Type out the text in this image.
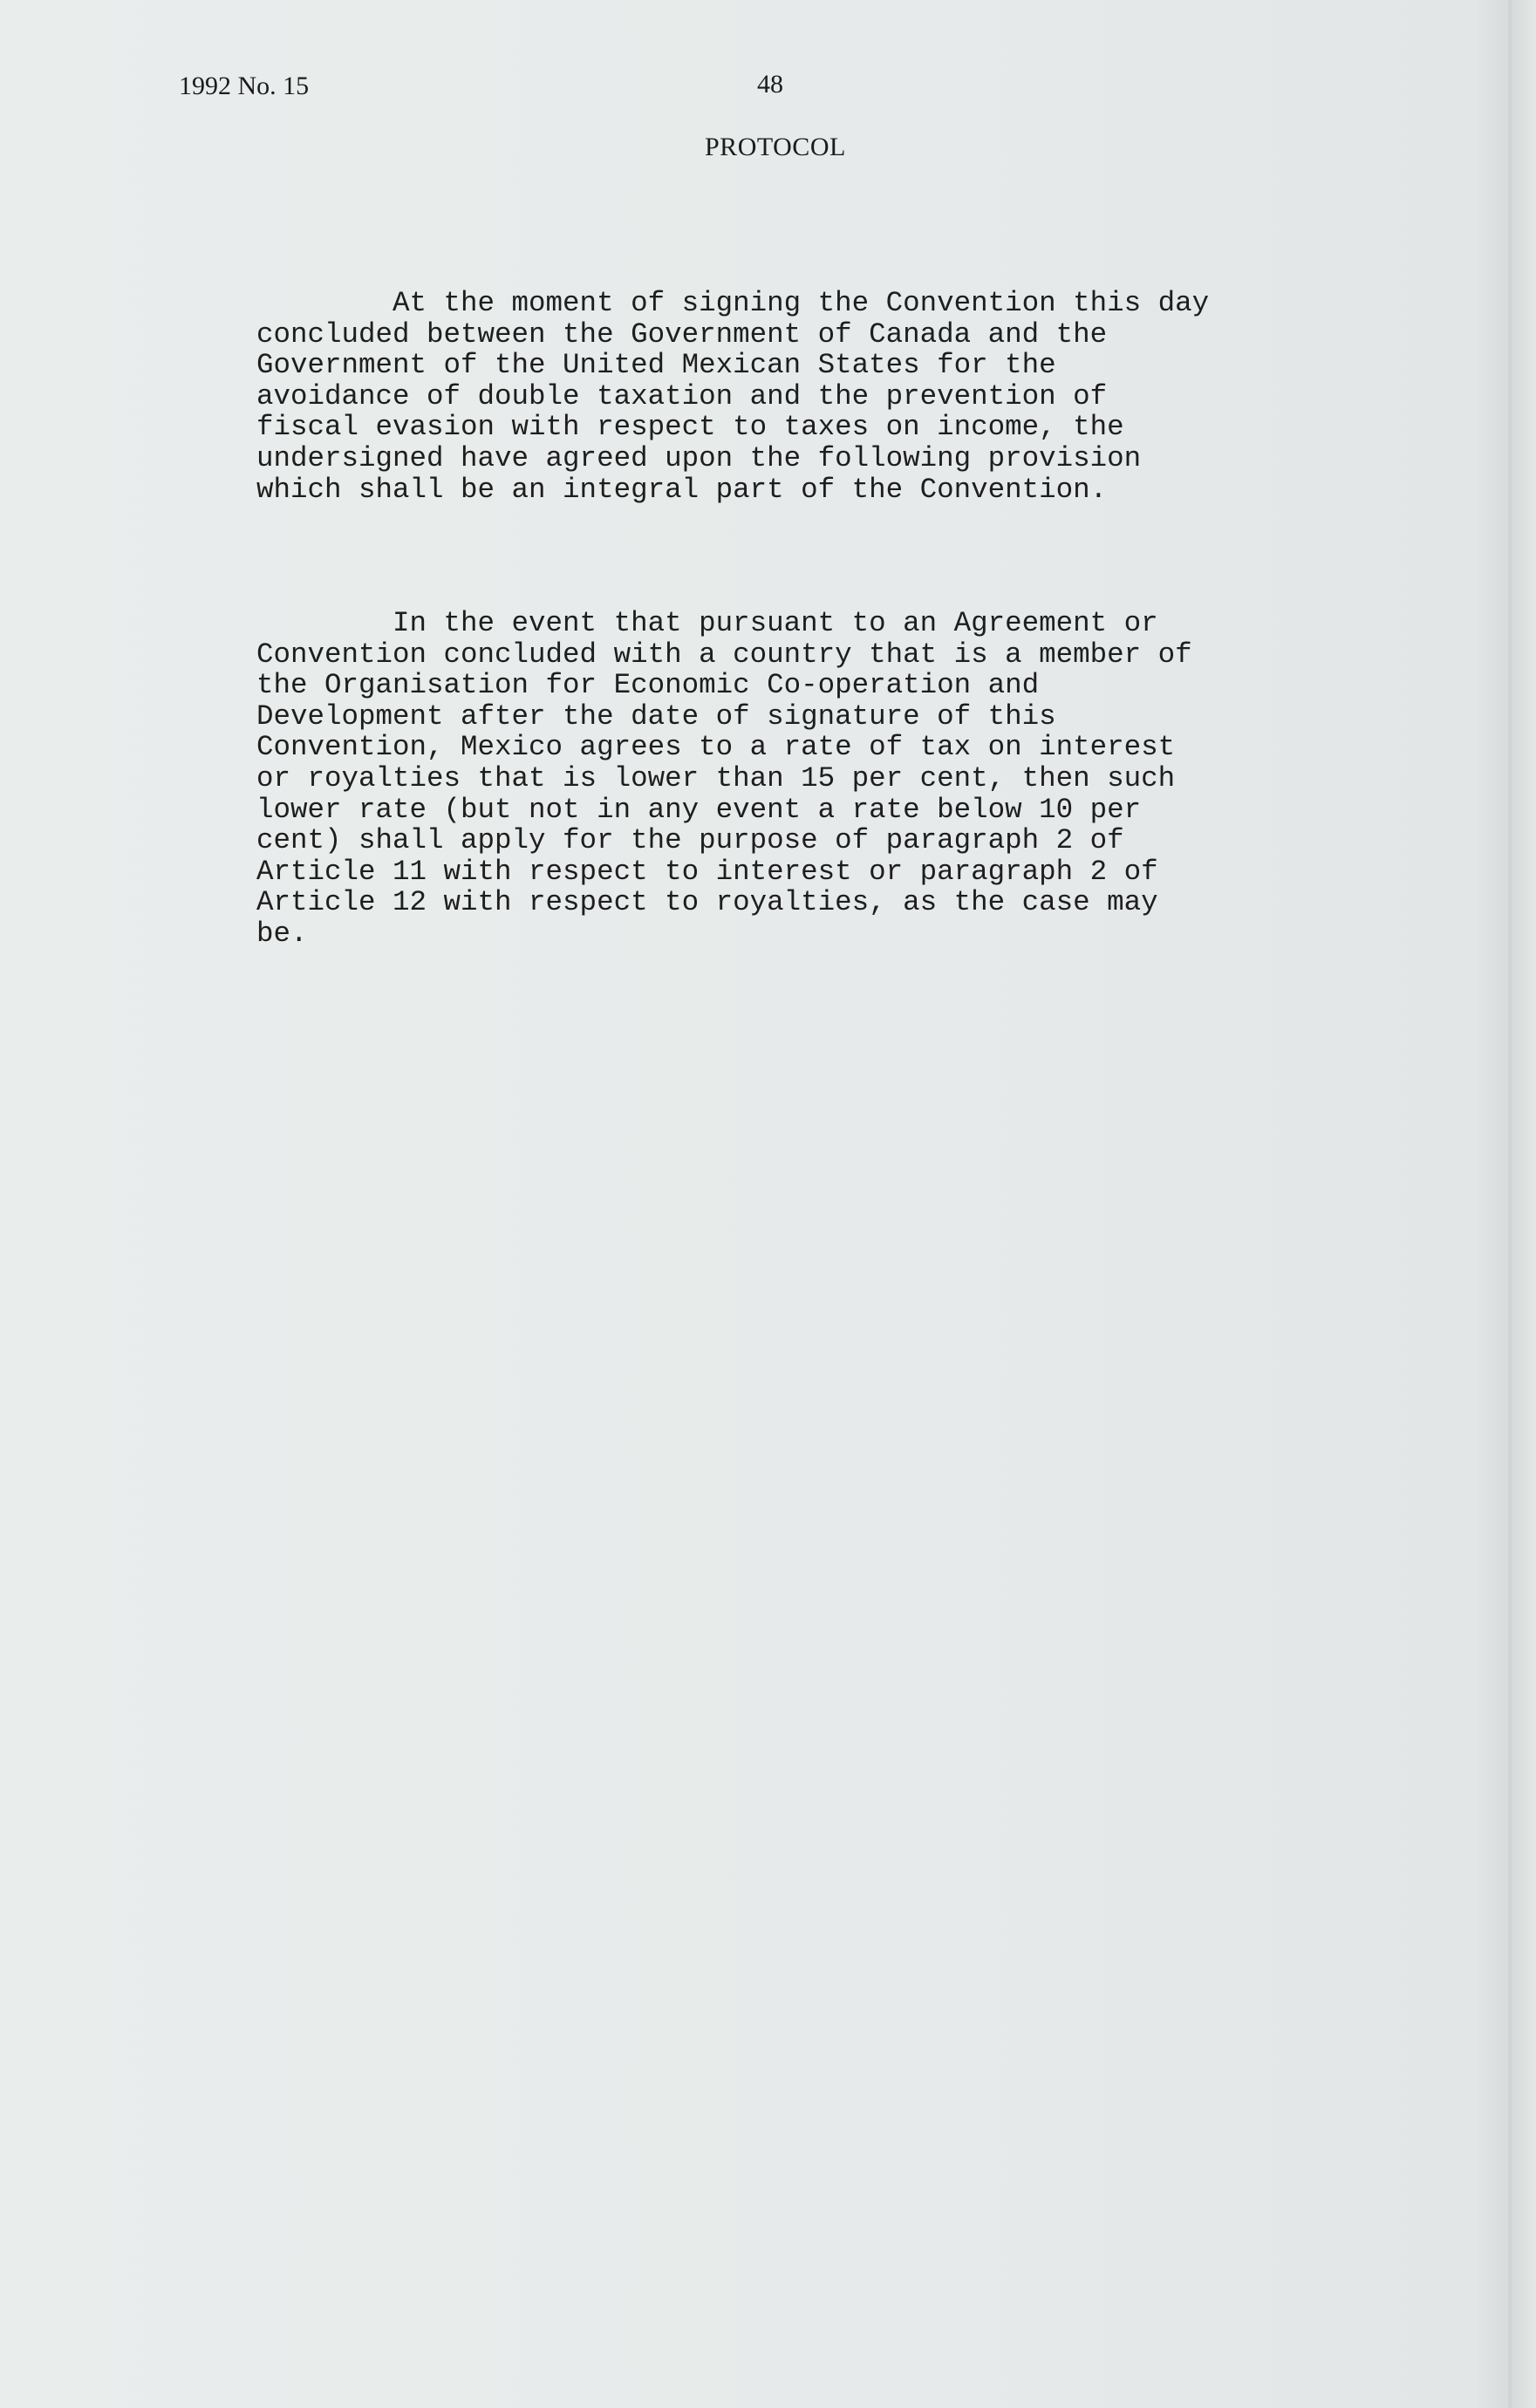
1992 No. 15	48
PROTOCOL

At the moment of signing the Convention this day
concluded between the Government of Canada and the
Government of the United Mexican States for the
avoidance of double taxation and the prevention of
fiscal evasion with respect to taxes on income, the
undersigned have agreed upon the following provision
which shall be an integral part of the Convention.

In the event that pursuant to an Agreement or
Convention concluded with a country that is a member of
the Organisation for Economic Co-operation and
Development after the date of signature of this
Convention, Mexico agrees to a rate of tax on interest
or royalties that is lower than 15 per cent, then such
lower rate (but not in any event a rate below 10 per
cent) shall apply for the purpose of paragraph 2 of
Article 11 with respect to interest or paragraph 2 of
Article 12 with respect to royalties, as the case may
be.
